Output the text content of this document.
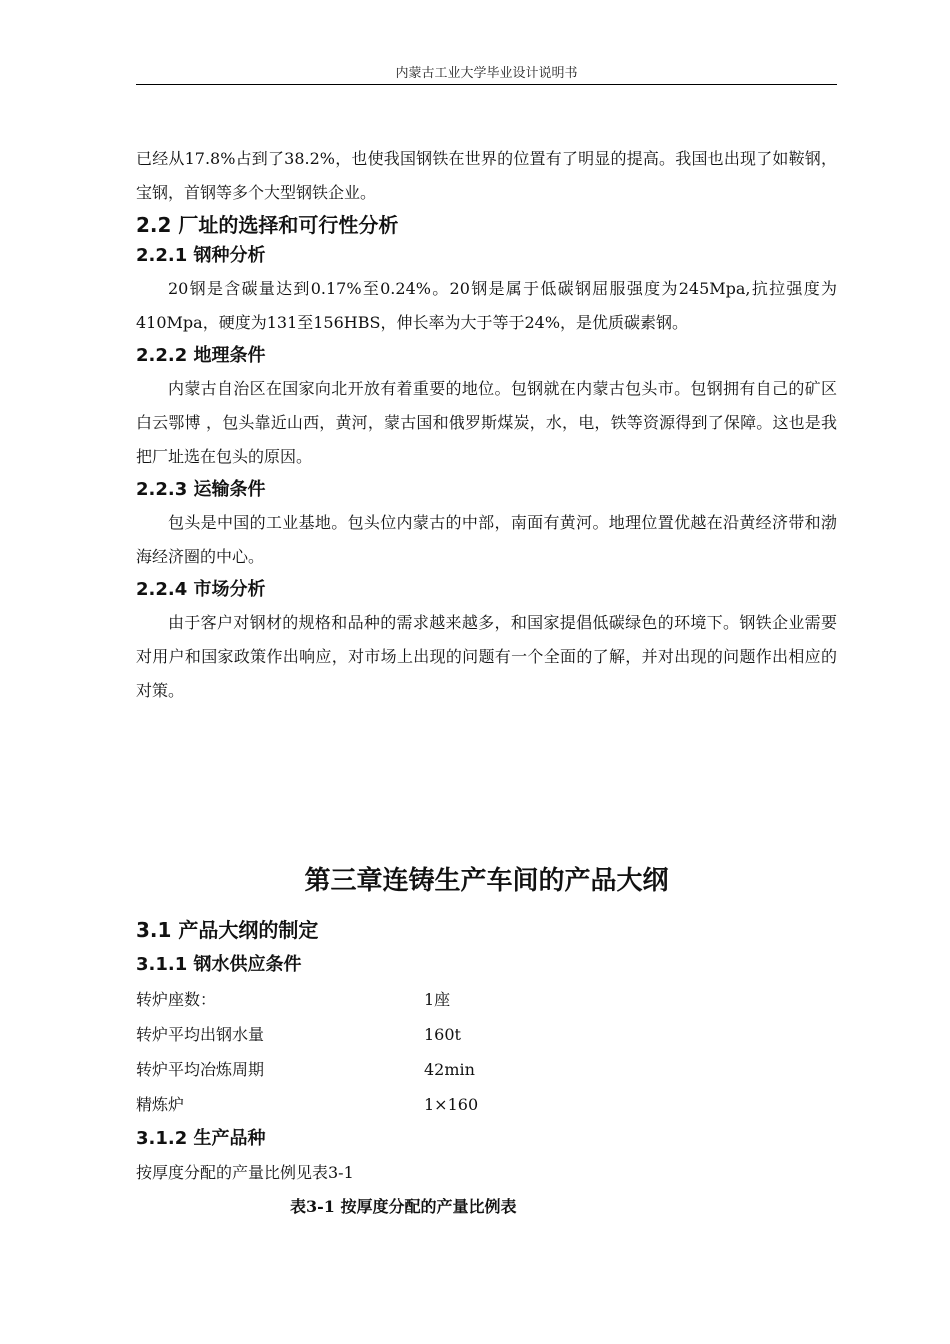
内蒙古工业大学毕业设计说明书

已经从17.8%占到了38.2%，也使我国钢铁在世界的位置有了明显的提高。我国也出现了如鞍钢，宝钢，首钢等多个大型钢铁企业。

2.2 厂址的选择和可行性分析
2.2.1 钢种分析

20钢是含碳量达到0.17%至0.24%。20钢是属于低碳钢屈服强度为245Mpa,抗拉强度为410Mpa，硬度为131至156HBS，伸长率为大于等于24%，是优质碳素钢。

2.2.2 地理条件

内蒙古自治区在国家向北开放有着重要的地位。包钢就在内蒙古包头市。包钢拥有自己的矿区白云鄂博 ，包头靠近山西，黄河，蒙古国和俄罗斯煤炭，水，电，铁等资源得到了保障。这也是我把厂址选在包头的原因。

2.2.3 运输条件

包头是中国的工业基地。包头位内蒙古的中部，南面有黄河。地理位置优越在沿黄经济带和渤海经济圈的中心。

2.2.4 市场分析

由于客户对钢材的规格和品种的需求越来越多，和国家提倡低碳绿色的环境下。钢铁企业需要对用户和国家政策作出响应，对市场上出现的问题有一个全面的了解，并对出现的问题作出相应的对策。

第三章连铸生产车间的产品大纲
3.1 产品大纲的制定
3.1.1 钢水供应条件
转炉座数：	1座
转炉平均出钢水量	160t
转炉平均冶炼周期	42min
精炼炉	1×160
3.1.2 生产品种

按厚度分配的产量比例见表3-1

表3-1 按厚度分配的产量比例表
